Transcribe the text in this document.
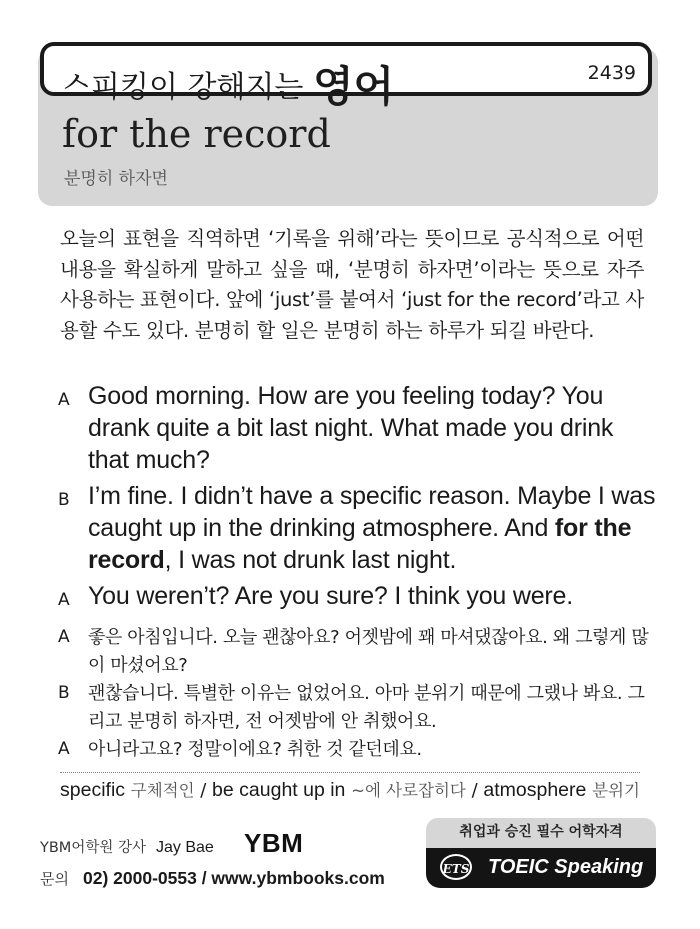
스피킹이 강해지는 영어	2439
for the record
분명히 하자면
오늘의 표현을 직역하면 ‘기록을 위해’라는 뜻이므로 공식적으로 어떤 내용을 확실하게 말하고 싶을 때, ‘분명히 하자면’이라는 뜻으로 자주 사용하는 표현이다. 앞에 ‘just’를 붙여서 ‘just for the record’라고 사용할 수도 있다. 분명히 할 일은 분명히 하는 하루가 되길 바란다.
A Good morning. How are you feeling today? You drank quite a bit last night. What made you drink that much?
B I’m fine. I didn’t have a specific reason. Maybe I was caught up in the drinking atmosphere. And for the record, I was not drunk last night.
A You weren’t? Are you sure? I think you were.
A	좋은 아침입니다. 오늘 괜찮아요? 어젯밤에 꽤 마셔댔잖아요. 왜 그렇게 많이 마셨어요?
B	괜찮습니다. 특별한 이유는 없었어요. 아마 분위기 때문에 그랬나 봐요. 그리고 분명히 하자면, 전 어젯밤에 안 취했어요.
A	아니라고요? 정말이에요? 취한 것 같던데요.
specific 구체적인 / be caught up in ~에 사로잡히다 / atmosphere 분위기
YBM어학원 강사 Jay Bae YBM
문의 02) 2000-0553 / www.ybmbooks.com
취업과 승진 필수 어학자격
ETS TOEIC Speaking
